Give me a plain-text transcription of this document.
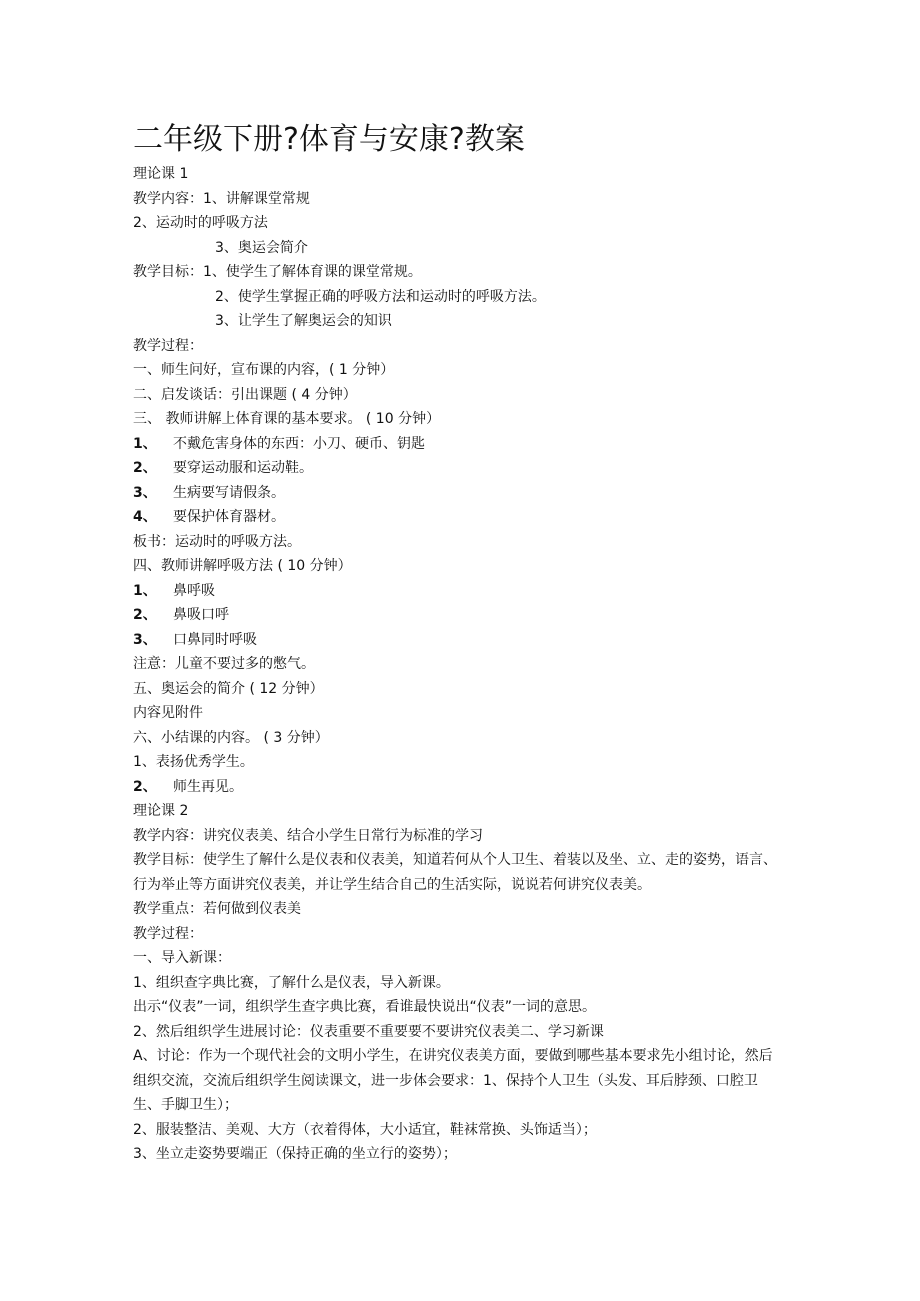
二年级下册?体育与安康?教案
理论课 1
教学内容：1、讲解课堂常规
2、运动时的呼吸方法
3、奥运会简介
教学目标：1、使学生了解体育课的课堂常规。
2、使学生掌握正确的呼吸方法和运动时的呼吸方法。
3、让学生了解奥运会的知识
教学过程：
一、师生问好，宣布课的内容，( 1 分钟）
二、启发谈话：引出课题 ( 4 分钟）
三、 教师讲解上体育课的基本要求。 ( 10 分钟）
1、 不戴危害身体的东西：小刀、硬币、钥匙
2、 要穿运动服和运动鞋。
3、 生病要写请假条。
4、 要保护体育器材。
板书：运动时的呼吸方法。
四、教师讲解呼吸方法 ( 10 分钟）
1、 鼻呼吸
2、 鼻吸口呼
3、 口鼻同时呼吸
注意：儿童不要过多的憋气。
五、奥运会的简介 ( 12 分钟）
内容见附件
六、小结课的内容。 ( 3 分钟）
1、表扬优秀学生。
2、 师生再见。
理论课 2
教学内容：讲究仪表美、结合小学生日常行为标准的学习
教学目标：使学生了解什么是仪表和仪表美，知道若何从个人卫生、着装以及坐、立、走的姿势，语言、行为举止等方面讲究仪表美，并让学生结合自己的生活实际，说说若何讲究仪表美。
教学重点：若何做到仪表美
教学过程：
一、导入新课：
1、组织查字典比赛，了解什么是仪表，导入新课。
出示“仪表”一词，组织学生查字典比赛，看谁最快说出“仪表”一词的意思。
2、然后组织学生进展讨论：仪表重要不重要要不要讲究仪表美二、学习新课
A、讨论：作为一个现代社会的文明小学生，在讲究仪表美方面，要做到哪些基本要求先小组讨论，然后组织交流，交流后组织学生阅读课文，进一步体会要求：1、保持个人卫生（头发、耳后脖颈、口腔卫生、手脚卫生）；
2、服装整洁、美观、大方（衣着得体，大小适宜，鞋袜常换、头饰适当）；
3、坐立走姿势要端正（保持正确的坐立行的姿势）；
